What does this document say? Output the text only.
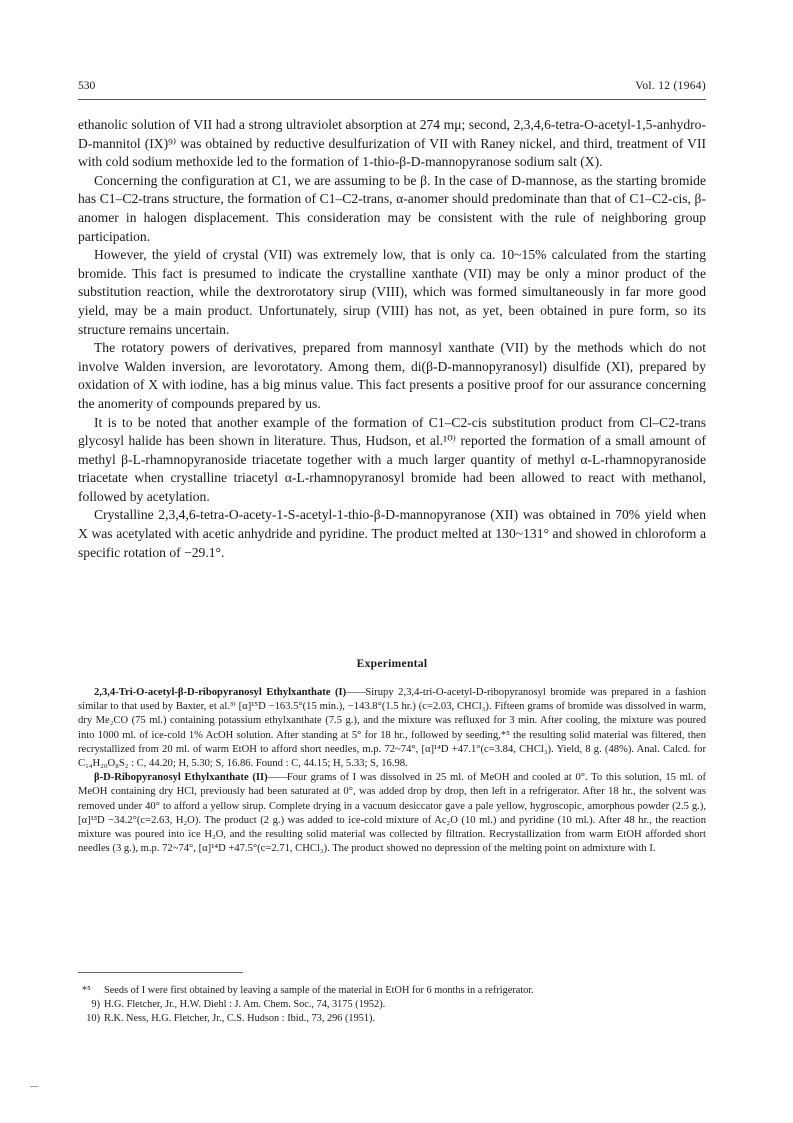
530	Vol. 12 (1964)

ethanolic solution of VII had a strong ultraviolet absorption at 274 mμ; second, 2,3,4,6-tetra-O-acetyl-1,5-anhydro-D-mannitol (IX)⁹⁾ was obtained by reductive desulfurization of VII with Raney nickel, and third, treatment of VII with cold sodium methoxide led to the formation of 1-thio-β-D-mannopyranose sodium salt (X).

Concerning the configuration at C1, we are assuming to be β. In the case of D-mannose, as the starting bromide has C1–C2-trans structure, the formation of C1–C2-trans, α-anomer should predominate than that of C1–C2-cis, β-anomer in halogen displacement. This consideration may be consistent with the rule of neighboring group participation.

However, the yield of crystal (VII) was extremely low, that is only ca. 10~15% calculated from the starting bromide. This fact is presumed to indicate the crystalline xanthate (VII) may be only a minor product of the substitution reaction, while the dextrorotatory sirup (VIII), which was formed simultaneously in far more good yield, may be a main product. Unfortunately, sirup (VIII) has not, as yet, been obtained in pure form, so its structure remains uncertain.

The rotatory powers of derivatives, prepared from mannosyl xanthate (VII) by the methods which do not involve Walden inversion, are levorotatory. Among them, di(β-D-mannopyranosyl) disulfide (XI), prepared by oxidation of X with iodine, has a big minus value. This fact presents a positive proof for our assurance concerning the anomerity of compounds prepared by us.

It is to be noted that another example of the formation of C1–C2-cis substitution product from Cl–C2-trans glycosyl halide has been shown in literature. Thus, Hudson, et al.¹⁰⁾ reported the formation of a small amount of methyl β-L-rhamnopyranoside triacetate together with a much larger quantity of methyl α-L-rhamnopyranoside triacetate when crystalline triacetyl α-L-rhamnopyranosyl bromide had been allowed to react with methanol, followed by acetylation.

Crystalline 2,3,4,6-tetra-O-acety-1-S-acetyl-1-thio-β-D-mannopyranose (XII) was obtained in 70% yield when X was acetylated with acetic anhydride and pyridine. The product melted at 130~131° and showed in chloroform a specific rotation of −29.1°.

Experimental

2,3,4-Tri-O-acetyl-β-D-ribopyranosyl Ethylxanthate (I)——Sirupy 2,3,4-tri-O-acetyl-D-ribopyranosyl bromide was prepared in a fashion similar to that used by Baxter, et al.³⁾ [α]¹⁵D −163.5°(15 min.), −143.8°(1.5 hr.) (c=2.03, CHCl₃). Fifteen grams of bromide was dissolved in warm, dry Me₂CO (75 ml.) containing potassium ethylxanthate (7.5 g.), and the mixture was refluxed for 3 min. After cooling, the mixture was poured into 1000 ml. of ice-cold 1% AcOH solution. After standing at 5° for 18 hr., followed by seeding,*⁵ the resulting solid material was filtered, then recrystallized from 20 ml. of warm EtOH to afford short needles, m.p. 72~74°, [α]¹⁴D +47.1°(c=3.84, CHCl₃). Yield, 8 g. (48%). Anal. Calcd. for C₁₄H₂₀O₈S₂ : C, 44.20; H, 5.30; S, 16.86. Found : C, 44.15; H, 5.33; S, 16.98.

β-D-Ribopyranosyl Ethylxanthate (II)——Four grams of I was dissolved in 25 ml. of MeOH and cooled at 0°. To this solution, 15 ml. of MeOH containing dry HCl, previously had been saturated at 0°, was added drop by drop, then left in a refrigerator. After 18 hr., the solvent was removed under 40° to afford a yellow sirup. Complete drying in a vacuum desiccator gave a pale yellow, hygroscopic, amorphous powder (2.5 g.), [α]¹³D −34.2°(c=2.63, H₂O). The product (2 g.) was added to ice-cold mixture of Ac₂O (10 ml.) and pyridine (10 ml.). After 48 hr., the reaction mixture was poured into ice H₂O, and the resulting solid material was collected by filtration. Recrystallization from warm EtOH afforded short needles (3 g.), m.p. 72~74°, [α]¹⁴D +47.5°(c=2.71, CHCl₃). The product showed no depression of the melting point on admixture with I.

*⁵	Seeds of I were first obtained by leaving a sample of the material in EtOH for 6 months in a refrigerator.
9) H.G. Fletcher, Jr., H.W. Diehl : J. Am. Chem. Soc., 74, 3175 (1952).
10) R.K. Ness, H.G. Fletcher, Jr., C.S. Hudson : Ibid., 73, 296 (1951).
